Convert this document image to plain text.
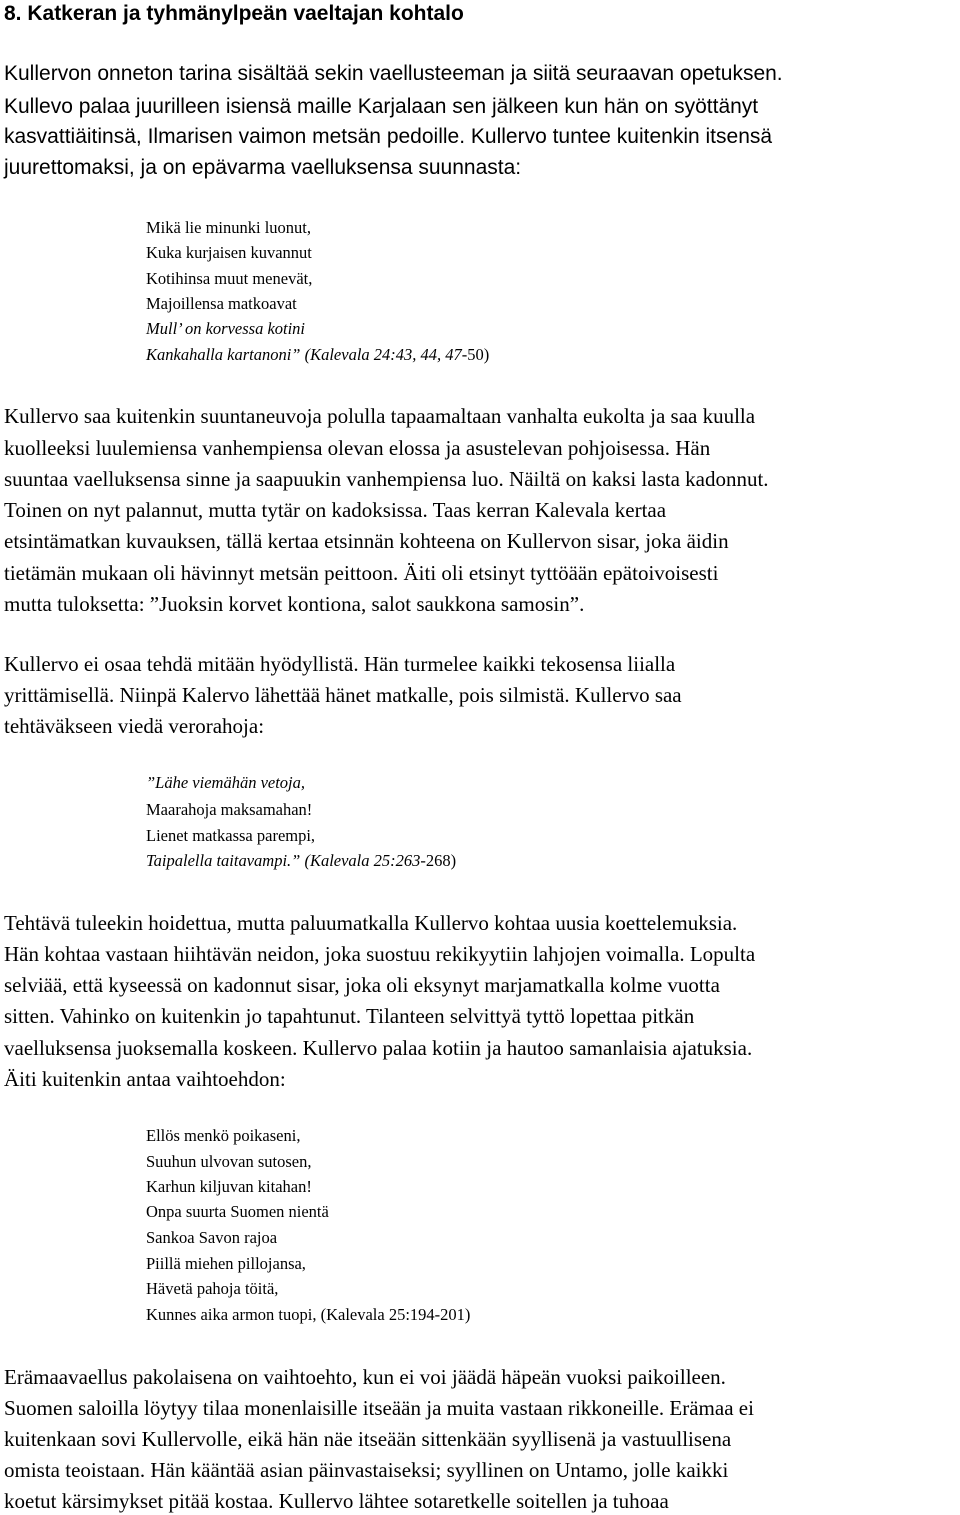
8. Katkeran ja tyhmänylpeän vaeltajan kohtalo
Kullervon onneton tarina sisältää sekin vaellusteeman ja siitä seuraavan opetuksen.
Kullevo palaa juurilleen isiensä maille Karjalaan sen jälkeen kun hän on syöttänyt
kasvattiäitinsä, Ilmarisen vaimon metsän pedoille. Kullervo tuntee kuitenkin itsensä
juurettomaksi, ja on epävarma vaelluksensa suunnasta:
Mikä lie minunki luonut,
Kuka kurjaisen kuvannut
Kotihinsa muut menevät,
Majoillensa matkoavat
Mull’ on korvessa kotini
Kankahalla kartanoni” (Kalevala 24:43, 44, 47-50)
Kullervo saa kuitenkin suuntaneuvoja polulla tapaamaltaan vanhalta eukolta ja saa kuulla
kuolleeksi luulemiensa vanhempiensa olevan elossa ja asustelevan pohjoisessa. Hän
suuntaa vaelluksensa sinne ja saapuukin vanhempiensa luo. Näiltä on kaksi lasta kadonnut.
Toinen on nyt palannut, mutta tytär on kadoksissa. Taas kerran Kalevala kertaa
etsintämatkan kuvauksen, tällä kertaa etsinnän kohteena on Kullervon sisar, joka äidin
tietämän mukaan oli hävinnyt metsän peittoon. Äiti oli etsinyt tyttöään epätoivoisesti
mutta tuloksetta: ”Juoksin korvet kontiona, salot saukkona samosin”.
Kullervo ei osaa tehdä mitään hyödyllistä. Hän turmelee kaikki tekosensa liialla
yrittämisellä. Niinpä Kalervo lähettää hänet matkalle, pois silmistä. Kullervo saa
tehtäväkseen viedä verorahoja:
”Lähe viemähän vetoja,
Maarahoja maksamahan!
Lienet matkassa parempi,
Taipalella taitavampi.” (Kalevala 25:263-268)
Tehtävä tuleekin hoidettua, mutta paluumatkalla Kullervo kohtaa uusia koettelemuksia.
Hän kohtaa vastaan hiihtävän neidon, joka suostuu rekikyytiin lahjojen voimalla. Lopulta
selviää, että kyseessä on kadonnut sisar, joka oli eksynyt marjamatkalla kolme vuotta
sitten. Vahinko on kuitenkin jo tapahtunut. Tilanteen selvittyä tyttö lopettaa pitkän
vaelluksensa juoksemalla koskeen. Kullervo palaa kotiin ja hautoo samanlaisia ajatuksia.
Äiti kuitenkin antaa vaihtoehdon:
Ellös menkö poikaseni,
Suuhun ulvovan sutosen,
Karhun kiljuvan kitahan!
Onpa suurta Suomen nientä
Sankoa Savon rajoa
Piillä miehen pillojansa,
Hävetä pahoja töitä,
Kunnes aika armon tuopi, (Kalevala 25:194-201)
Erämaavaellus pakolaisena on vaihtoehto, kun ei voi jäädä häpeän vuoksi paikoilleen.
Suomen saloilla löytyy tilaa monenlaisille itseään ja muita vastaan rikkoneille. Erämaa ei
kuitenkaan sovi Kullervolle, eikä hän näe itseään sittenkään syyllisenä ja vastuullisena
omista teoistaan. Hän kääntää asian päinvastaiseksi; syyllinen on Untamo, jolle kaikki
koetut kärsimykset pitää kostaa. Kullervo lähtee sotaretkelle soitellen ja tuhoaa
